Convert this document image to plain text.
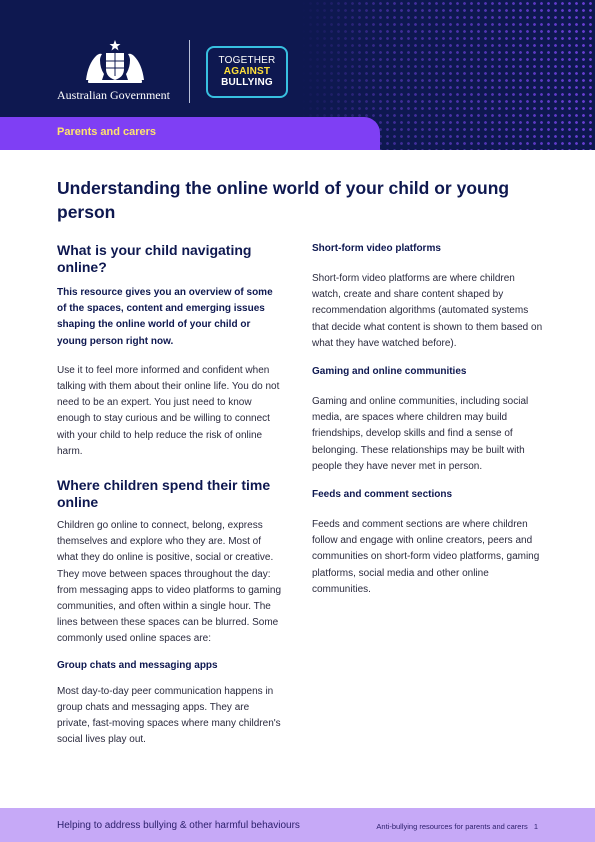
Australian Government
TOGETHER
AGAINST
BULLYING
Parents and carers
Understanding the online world of your child or young person
What is your child navigating online?

This resource gives you an overview of some of the spaces, content and emerging issues shaping the online world of your child or young person right now.

Use it to feel more informed and confident when talking with them about their online life. You do not need to be an expert. You just need to know enough to stay curious and be willing to connect with your child to help reduce the risk of online harm.

Where children spend their time online

Children go online to connect, belong, express themselves and explore who they are. Most of what they do online is positive, social or creative. They move between spaces throughout the day: from messaging apps to video platforms to gaming communities, and often within a single hour. The lines between these spaces can be blurred. Some commonly used online spaces are:

Group chats and messaging apps

Most day-to-day peer communication happens in group chats and messaging apps. They are private, fast-moving spaces where many children's social lives play out.

Short-form video platforms

Short-form video platforms are where children watch, create and share content shaped by recommendation algorithms (automated systems that decide what content is shown to them based on what they have watched before).

Gaming and online communities

Gaming and online communities, including social media, are spaces where children may build friendships, develop skills and find a sense of belonging. These relationships may be built with people they have never met in person.

Feeds and comment sections

Feeds and comment sections are where children follow and engage with online creators, peers and communities on short-form video platforms, gaming platforms, social media and other online communities.

Helping to address bullying & other harmful behaviours	Anti-bullying resources for parents and carers 1
